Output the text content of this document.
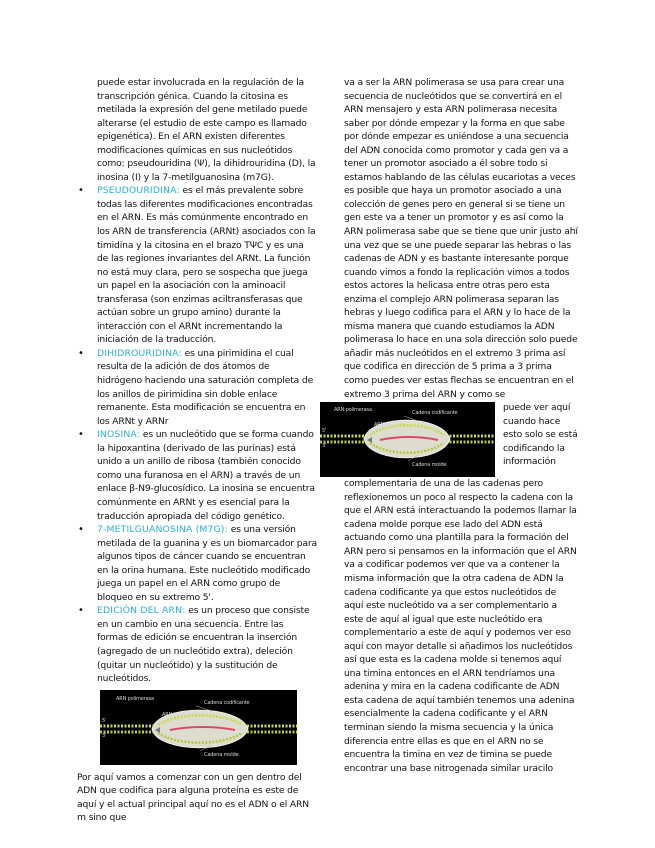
puede estar involucrada en la regulación de la transcripción génica. Cuando la citosina es metilada la expresión del gene metilado puede alterarse (el estudio de este campo es llamado epigenética). En el ARN existen diferentes modificaciones químicas en sus nucleótidos como: pseudouridina (Ψ), la dihidrouridina (D), la inosina (I) y la 7-metilguanosina (m7G).

• PSEUDOURIDINA: es el más prevalente sobre todas las diferentes modificaciones encontradas en el ARN. Es más comúnmente encontrado en los ARN de transferencia (ARNt) asociados con la timidina y la citosina en el brazo TΨC y es una de las regiones invariantes del ARNt. La función no está muy clara, pero se sospecha que juega un papel en la asociación con la aminoacil transferasa (son enzimas aciltransferasas que actúan sobre un grupo amino) durante la interacción con el ARNt incrementando la iniciación de la traducción.
• DIHIDROURIDINA: es una pirimidina el cual resulta de la adición de dos átomos de hidrógeno haciendo una saturación completa de los anillos de pirimidina sin doble enlace remanente. Esta modificación se encuentra en los ARNt y ARNr
• INOSINA: es un nucleótido que se forma cuando la hipoxantina (derivado de las purinas) está unido a un anillo de ribosa (también conocido como una furanosa en el ARN) a través de un enlace β-N9-glucosídico. La inosina se encuentra comúnmente en ARNt y es esencial para la traducción apropiada del código genético.
• 7-METILGUANOSINA (M7G): es una versión metilada de la guanina y es un biomarcador para algunos tipos de cáncer cuando se encuentran en la orina humana. Este nucleótido modificado juega un papel en el ARN como grupo de bloqueo en su extremo 5'.
• EDICIÓN DEL ARN: es un proceso que consiste en un cambio en una secuencia. Entre las formas de edición se encuentran la inserción (agregado de un nucleótido extra), deleción (quitar un nucleótido) y la sustitución de nucleótidos.
ARN polimerasa
Cadena codificante
Cadena molde
ARN
5'
3'

Por aquí vamos a comenzar con un gen dentro del ADN que codifica para alguna proteína es este de aquí y el actual principal aquí no es el ADN o el ARN m sino que

va a ser la ARN polimerasa se usa para crear una secuencia de nucleótidos que se convertirá en el ARN mensajero y esta ARN polimerasa necesita saber por dónde empezar y la forma en que sabe por dónde empezar es uniéndose a una secuencia del ADN conocida como promotor y cada gen va a tener un promotor asociado a él sobre todo si estamos hablando de las células eucariotas a veces es posible que haya un promotor asociado a una colección de genes pero en general si se tiene un gen este va a tener un promotor y es así como la ARN polimerasa sabe que se tiene que unir justo ahí una vez que se une puede separar las hebras o las cadenas de ADN y es bastante interesante porque cuando vimos a fondo la replicación vimos a todos estos actores la helicasa entre otras pero esta enzima el complejo ARN polimerasa separan las hebras y luego codifica para el ARN y lo hace de la misma manera que cuando estudiamos la ADN polimerasa lo hace en una sola dirección solo puede añadir más nucleótidos en el extremo 3 prima así que codifica en dirección de 5 prima a 3 prima como puedes ver estas flechas se encuentran en el extremo 3 prima del ARN y como se

ARN polimerasa	Cadena codificante
Cadena molde
ARN
5'
3'

puede ver aquí cuando hace esto solo se está codificando la información

complementaria de una de las cadenas pero reflexionemos un poco al respecto la cadena con la que el ARN está interactuando la podemos llamar la cadena molde porque ese lado del ADN está actuando como una plantilla para la formación del ARN pero si pensamos en la información que el ARN va a codificar podemos ver que va a contener la misma información que la otra cadena de ADN la cadena codificante ya que estos nucleótidos de aquí este nucleótido va a ser complementario a este de aquí al igual que este nucleótido era complementario a este de aquí y podemos ver eso aquí con mayor detalle si añadimos los nucleótidos así que esta es la cadena molde si tenemos aquí una timina entonces en el ARN tendríamos una adenina y mira en la cadena codificante de ADN esta cadena de aquí también tenemos una adenina esencialmente la cadena codificante y el ARN terminan siendo la misma secuencia y la única diferencia entre ellas es que en el ARN no se encuentra la timina en vez de timina se puede encontrar una base nitrogenada similar uracilo
